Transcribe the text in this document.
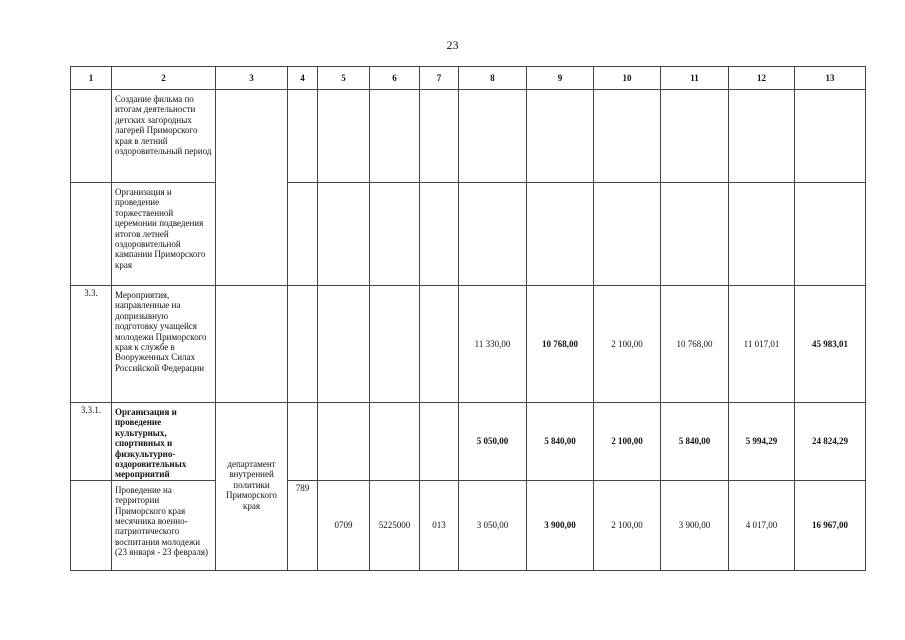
23
1	2	3	4	5	6	7	8	9	10	11	12	13
	Создание фильма по итогам деятельности детских загородных лагерей Приморского края в летний оздоровительный период											
	Организация и проведение торжественной церемонии подведения итогов летней оздоровительной кампании Приморского края											
3.3.	Мероприятия, направленные на допризывную подготовку учащейся молодежи Приморского края к службе в Вооруженных Силах Российской Федерации						11 330,00	10 768,00	2 100,00	10 768,00	11 017,01	45 983,01
3.3.1.	Организация и проведение культурных, спортивных и физкультурно-оздоровительных мероприятий	департамент внутренней политики Приморского края					5 050,00	5 840,00	2 100,00	5 840,00	5 994,29	24 824,29
	Проведение на территории Приморского края месячника военно-патриотического воспитания молодежи (23 января - 23 февраля)		789	0709	5225000	013	3 050,00	3 900,00	2 100,00	3 900,00	4 017,00	16 967,00
